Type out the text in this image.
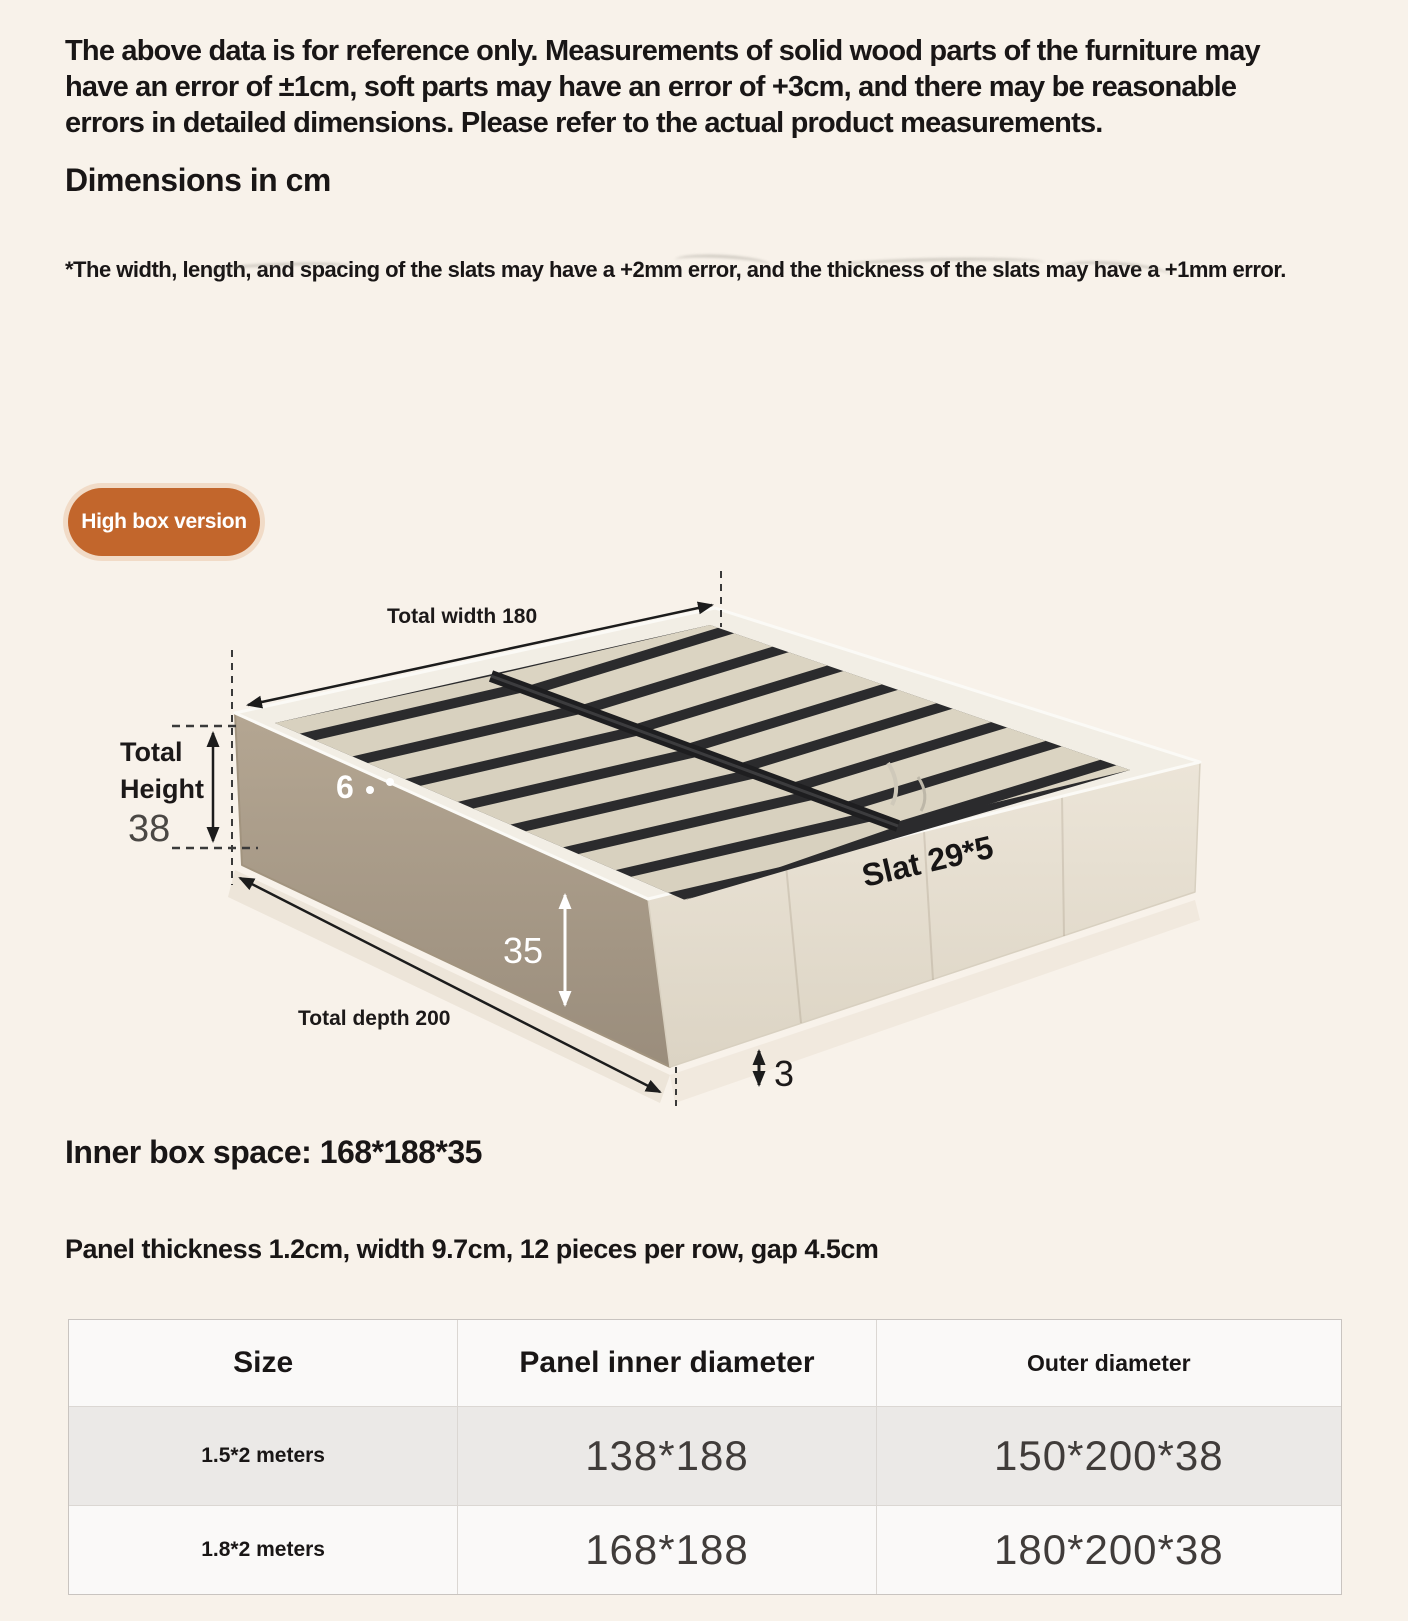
The above data is for reference only. Measurements of solid wood parts of the furniture may
have an error of ±1cm, soft parts may have an error of +3cm, and there may be reasonable
errors in detailed dimensions. Please refer to the actual product measurements.
Dimensions in cm
*The width, length, and spacing of the slats may have a +2mm error, and the thickness of the slats may have a +1mm error.
High box version
Total width 180
Total
Height
38
6
35
Total depth 200
Slat 29*5
3
Inner box space: 168*188*35
Panel thickness 1.2cm, width 9.7cm, 12 pieces per row, gap 4.5cm
Size	Panel inner diameter	Outer diameter
1.5*2 meters	138*188	150*200*38
1.8*2 meters	168*188	180*200*38
